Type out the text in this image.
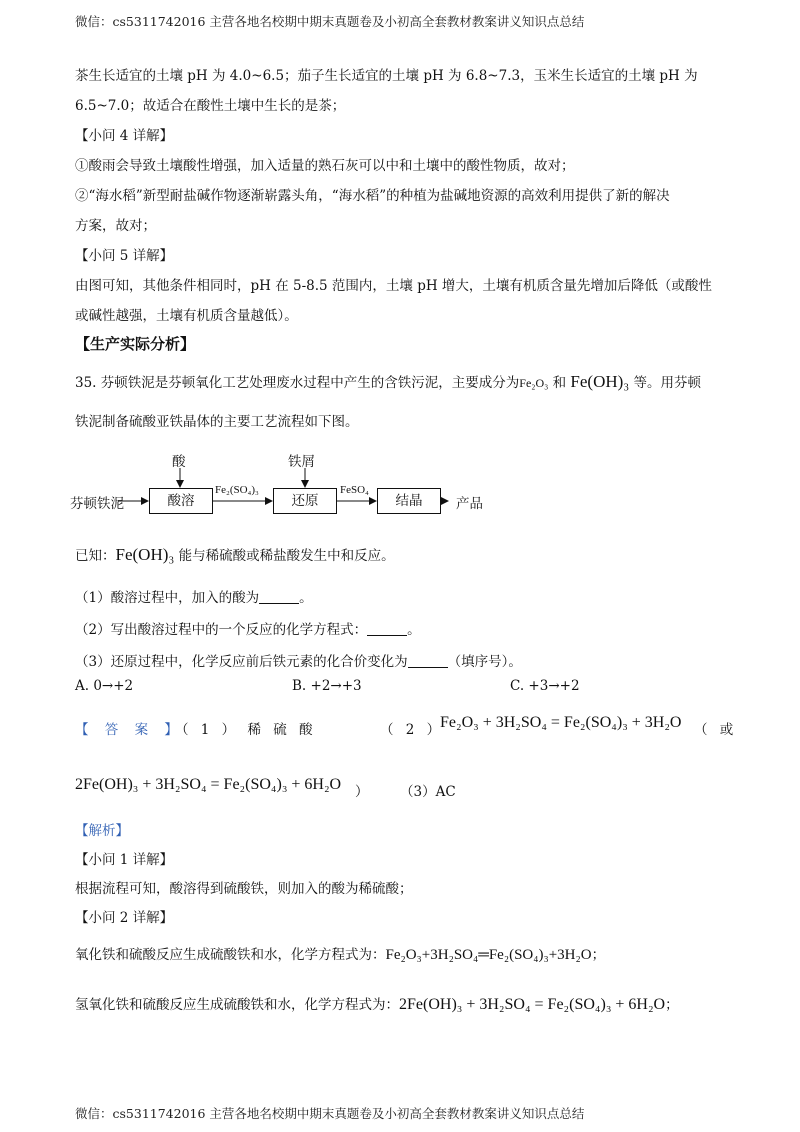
微信：cs5311742016 主营各地名校期中期末真题卷及小初高全套教材教案讲义知识点总结
茶生长适宜的土壤 pH 为 4.0~6.5；茄子生长适宜的土壤 pH 为 6.8~7.3，玉米生长适宜的土壤 pH 为
6.5~7.0；故适合在酸性土壤中生长的是茶；
【小问 4 详解】
①酸雨会导致土壤酸性增强，加入适量的熟石灰可以中和土壤中的酸性物质，故对；
②“海水稻”新型耐盐碱作物逐渐崭露头角，“海水稻”的种植为盐碱地资源的高效利用提供了新的解决
方案，故对；
【小问 5 详解】
由图可知，其他条件相同时，pH 在 5-8.5 范围内，土壤 pH 增大，土壤有机质含量先增加后降低（或酸性
或碱性越强，土壤有机质含量越低）。
【生产实际分析】
35. 芬顿铁泥是芬顿氧化工艺处理废水过程中产生的含铁污泥，主要成分为Fe₂O₃ 和 Fe(OH)₃ 等。用芬顿
铁泥制备硫酸亚铁晶体的主要工艺流程如下图。
芬顿铁泥
酸	铁屑
酸溶	还原	结晶
Fe₂(SO₄)₃	FeSO₄
产品
已知：Fe(OH)₃ 能与稀硫酸或稀盐酸发生中和反应。
（1）酸溶过程中，加入的酸为	。
（2）写出酸溶过程中的一个反应的化学方程式：	。
（3）还原过程中，化学反应前后铁元素的化合价变化为	（填序号）。
A. 0→+2	B. +2→+3	C. +3→+2
【 答 案 】
（ 1 ） 稀 硫 酸	（ 2 ）
Fe₂O₃ + 3H₂SO₄ = Fe₂(SO₄)₃ + 3H₂O （ 或
2Fe(OH)₃ + 3H₂SO₄ = Fe₂(SO₄)₃ + 6H₂O ） （3）AC
【解析】
【小问 1 详解】
根据流程可知，酸溶得到硫酸铁，则加入的酸为稀硫酸；
【小问 2 详解】
氧化铁和硫酸反应生成硫酸铁和水，化学方程式为：Fe₂O₃+3H₂SO₄═Fe₂(SO₄)₃+3H₂O；
氢氧化铁和硫酸反应生成硫酸铁和水，化学方程式为：2Fe(OH)₃ + 3H₂SO₄ = Fe₂(SO₄)₃ + 6H₂O；
微信：cs5311742016 主营各地名校期中期末真题卷及小初高全套教材教案讲义知识点总结
